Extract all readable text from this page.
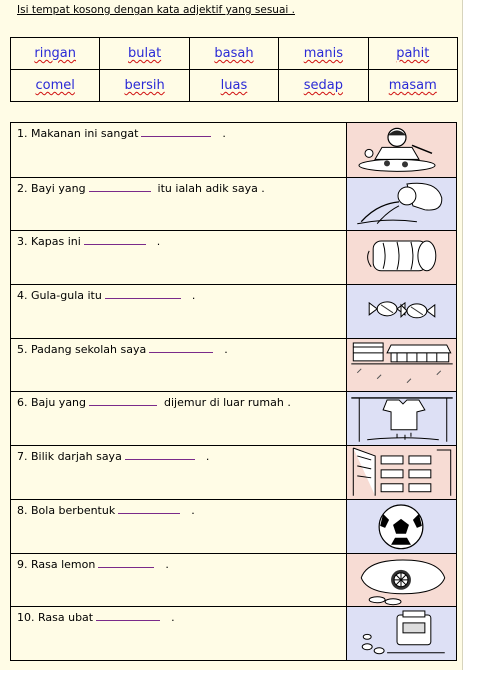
Isi tempat kosong dengan kata adjektif yang sesuai .
ringan	bulat	basah	manis	pahit
comel	bersih	luas	sedap	masam
1. Makanan ini sangat	.
2. Bayi yang	itu ialah adik saya .
3. Kapas ini	.
4. Gula-gula itu	.
5. Padang sekolah saya	.
6. Baju yang	dijemur di luar rumah .
7. Bilik darjah saya	.
8. Bola berbentuk	.
9. Rasa lemon	.
10. Rasa ubat	.
